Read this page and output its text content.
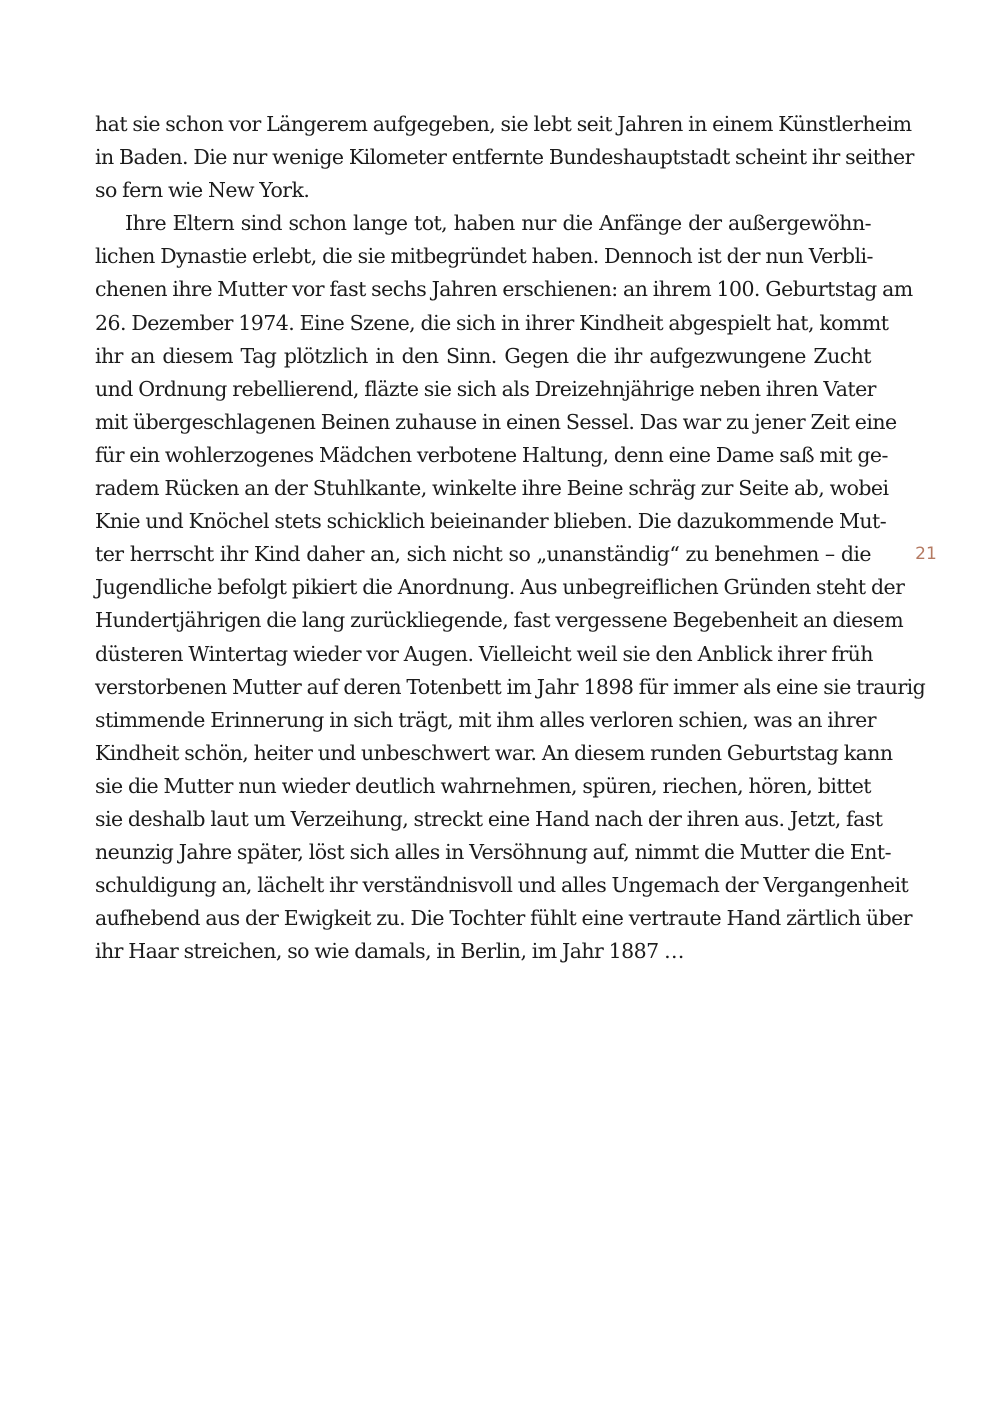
hat sie schon vor Längerem aufgegeben, sie lebt seit Jahren in einem Künstlerheim
in Baden. Die nur wenige Kilometer entfernte Bundeshauptstadt scheint ihr seither
so fern wie New York.
Ihre Eltern sind schon lange tot, haben nur die Anfänge der außergewöhn-
lichen Dynastie erlebt, die sie mitbegründet haben. Dennoch ist der nun Verbli-
chenen ihre Mutter vor fast sechs Jahren erschienen: an ihrem 100. Geburtstag am
26. Dezember 1974. Eine Szene, die sich in ihrer Kindheit abgespielt hat, kommt
ihr an diesem Tag plötzlich in den Sinn. Gegen die ihr aufgezwungene Zucht
und Ordnung rebellierend, fläzte sie sich als Dreizehnjährige neben ihren Vater
mit übergeschlagenen Beinen zuhause in einen Sessel. Das war zu jener Zeit eine
für ein wohlerzogenes Mädchen verbotene Haltung, denn eine Dame saß mit ge-
radem Rücken an der Stuhlkante, winkelte ihre Beine schräg zur Seite ab, wobei
Knie und Knöchel stets schicklich beieinander blieben. Die dazukommende Mut-
ter herrscht ihr Kind daher an, sich nicht so „unanständig“ zu benehmen – die
Jugendliche befolgt pikiert die Anordnung. Aus unbegreiflichen Gründen steht der
Hundertjährigen die lang zurückliegende, fast vergessene Begebenheit an diesem
düsteren Wintertag wieder vor Augen. Vielleicht weil sie den Anblick ihrer früh
verstorbenen Mutter auf deren Totenbett im Jahr 1898 für immer als eine sie traurig
stimmende Erinnerung in sich trägt, mit ihm alles verloren schien, was an ihrer
Kindheit schön, heiter und unbeschwert war. An diesem runden Geburtstag kann
sie die Mutter nun wieder deutlich wahrnehmen, spüren, riechen, hören, bittet
sie deshalb laut um Verzeihung, streckt eine Hand nach der ihren aus. Jetzt, fast
neunzig Jahre später, löst sich alles in Versöhnung auf, nimmt die Mutter die Ent-
schuldigung an, lächelt ihr verständnisvoll und alles Ungemach der Vergangenheit
aufhebend aus der Ewigkeit zu. Die Tochter fühlt eine vertraute Hand zärtlich über
ihr Haar streichen, so wie damals, in Berlin, im Jahr 1887 …
21
